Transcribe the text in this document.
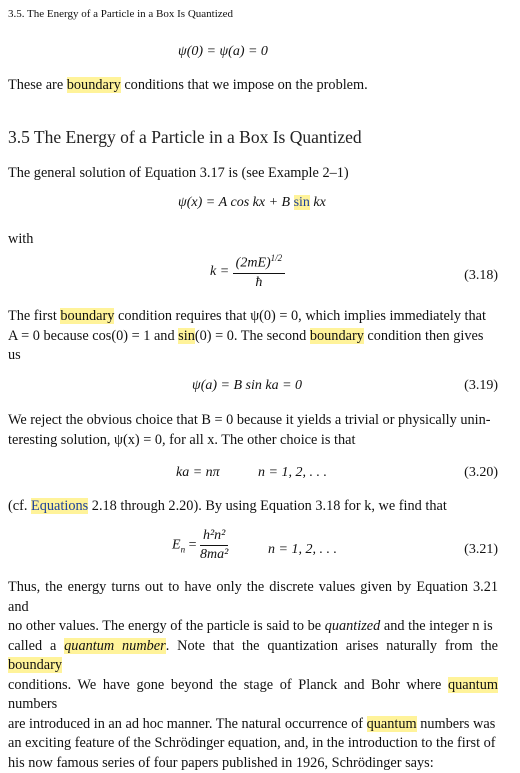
3.5. The Energy of a Particle in a Box Is Quantized
ψ(0) = ψ(a) = 0
These are boundary conditions that we impose on the problem.
3.5 The Energy of a Particle in a Box Is Quantized
The general solution of Equation 3.17 is (see Example 2–1)
ψ(x) = A cos kx + B sin kx
with
$k = \frac{(2mE)^{1/2}}{ħ}$	(3.18)
The first boundary condition requires that ψ(0) = 0, which implies immediately that
A = 0 because cos(0) = 1 and sin(0) = 0. The second boundary condition then gives
us
ψ(a) = B sin ka = 0	(3.19)
We reject the obvious choice that B = 0 because it yields a trivial or physically unin-
teresting solution, ψ(x) = 0, for all x. The other choice is that
ka = nπ	n = 1, 2, . . .	(3.20)
(cf. Equations 2.18 through 2.20). By using Equation 3.18 for k, we find that
$E_n = \frac{\text{h²n²}}{\text{8ma²}}$	n = 1, 2, . . .	(3.21)
Thus, the energy turns out to have only the discrete values given by Equation 3.21 and
no other values. The energy of the particle is said to be quantized and the integer n is
called a quantum number. Note that the quantization arises naturally from the boundary
conditions. We have gone beyond the stage of Planck and Bohr where quantum numbers
are introduced in an ad hoc manner. The natural occurrence of quantum numbers was
an exciting feature of the Schrödinger equation, and, in the introduction to the first of
his now famous series of four papers published in 1926, Schrödinger says:
